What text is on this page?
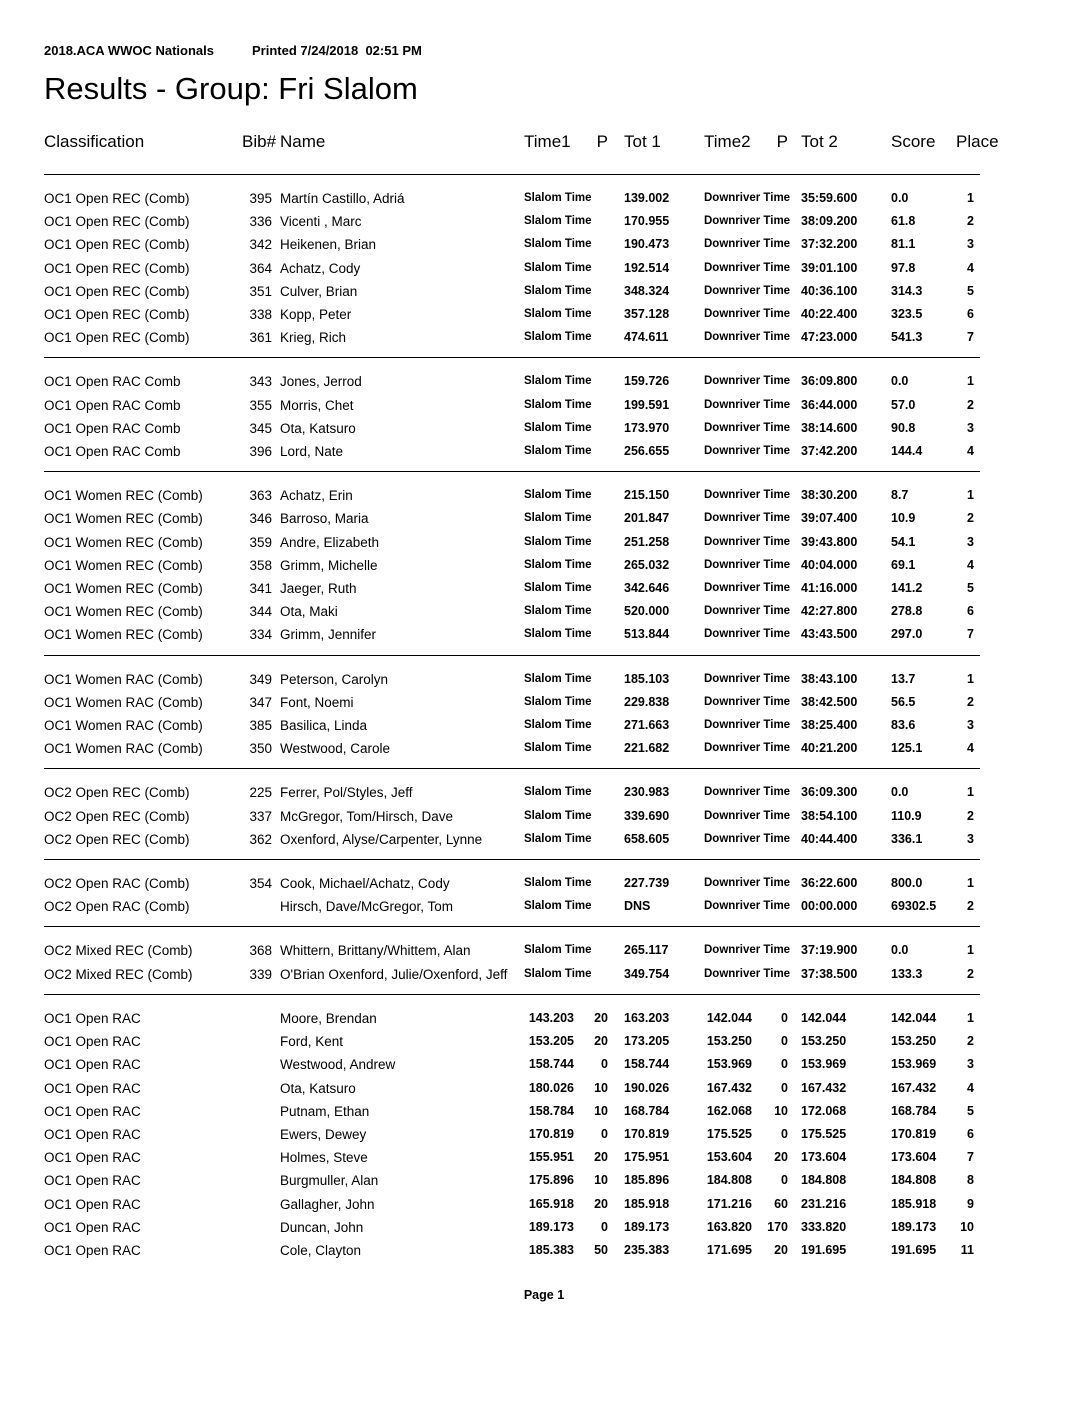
2018.ACA WWOC Nationals	Printed 7/24/2018  02:51 PM
Results - Group: Fri Slalom
Classification	Bib# Name	Time1	P Tot 1	Time2	P Tot 2	Score	Place
OC1 Open REC (Comb)	395 Martín Castillo, Adriá	Slalom Time	139.002	Downriver Time 35:59.600	0.0	1
OC1 Open REC (Comb)	336 Vicenti , Marc	Slalom Time	170.955	Downriver Time 38:09.200	61.8	2
OC1 Open REC (Comb)	342 Heikenen, Brian	Slalom Time	190.473	Downriver Time 37:32.200	81.1	3
OC1 Open REC (Comb)	364 Achatz, Cody	Slalom Time	192.514	Downriver Time 39:01.100	97.8	4
OC1 Open REC (Comb)	351 Culver, Brian	Slalom Time	348.324	Downriver Time 40:36.100	314.3	5
OC1 Open REC (Comb)	338 Kopp, Peter	Slalom Time	357.128	Downriver Time 40:22.400	323.5	6
OC1 Open REC (Comb)	361 Krieg, Rich	Slalom Time	474.611	Downriver Time 47:23.000	541.3	7
OC1 Open RAC Comb	343 Jones, Jerrod	Slalom Time	159.726	Downriver Time 36:09.800	0.0	1
OC1 Open RAC Comb	355 Morris, Chet	Slalom Time	199.591	Downriver Time 36:44.000	57.0	2
OC1 Open RAC Comb	345 Ota, Katsuro	Slalom Time	173.970	Downriver Time 38:14.600	90.8	3
OC1 Open RAC Comb	396 Lord, Nate	Slalom Time	256.655	Downriver Time 37:42.200	144.4	4
OC1 Women REC (Comb)	363 Achatz, Erin	Slalom Time	215.150	Downriver Time 38:30.200	8.7	1
OC1 Women REC (Comb)	346 Barroso, Maria	Slalom Time	201.847	Downriver Time 39:07.400	10.9	2
OC1 Women REC (Comb)	359 Andre, Elizabeth	Slalom Time	251.258	Downriver Time 39:43.800	54.1	3
OC1 Women REC (Comb)	358 Grimm, Michelle	Slalom Time	265.032	Downriver Time 40:04.000	69.1	4
OC1 Women REC (Comb)	341 Jaeger, Ruth	Slalom Time	342.646	Downriver Time 41:16.000	141.2	5
OC1 Women REC (Comb)	344 Ota, Maki	Slalom Time	520.000	Downriver Time 42:27.800	278.8	6
OC1 Women REC (Comb)	334 Grimm, Jennifer	Slalom Time	513.844	Downriver Time 43:43.500	297.0	7
OC1 Women RAC (Comb)	349 Peterson, Carolyn	Slalom Time	185.103	Downriver Time 38:43.100	13.7	1
OC1 Women RAC (Comb)	347 Font, Noemi	Slalom Time	229.838	Downriver Time 38:42.500	56.5	2
OC1 Women RAC (Comb)	385 Basilica, Linda	Slalom Time	271.663	Downriver Time 38:25.400	83.6	3
OC1 Women RAC (Comb)	350 Westwood, Carole	Slalom Time	221.682	Downriver Time 40:21.200	125.1	4
OC2 Open REC (Comb)	225 Ferrer, Pol/Styles, Jeff	Slalom Time	230.983	Downriver Time 36:09.300	0.0	1
OC2 Open REC (Comb)	337 McGregor, Tom/Hirsch, Dave	Slalom Time	339.690	Downriver Time 38:54.100	110.9	2
OC2 Open REC (Comb)	362 Oxenford, Alyse/Carpenter, Lynne	Slalom Time	658.605	Downriver Time 40:44.400	336.1	3
OC2 Open RAC (Comb)	354 Cook, Michael/Achatz, Cody	Slalom Time	227.739	Downriver Time 36:22.600	800.0	1
OC2 Open RAC (Comb)	Hirsch, Dave/McGregor, Tom	Slalom Time	DNS	Downriver Time 00:00.000	69302.5	2
OC2 Mixed REC (Comb)	368 Whittern, Brittany/Whittem, Alan	Slalom Time	265.117	Downriver Time 37:19.900	0.0	1
OC2 Mixed REC (Comb)	339 O'Brian Oxenford, Julie/Oxenford, Jeff	Slalom Time	349.754	Downriver Time 37:38.500	133.3	2
OC1 Open RAC	Moore, Brendan	143.203	20	163.203	142.044	0	142.044	142.044	1
OC1 Open RAC	Ford, Kent	153.205	20	173.205	153.250	0	153.250	153.250	2
OC1 Open RAC	Westwood, Andrew	158.744	0	158.744	153.969	0	153.969	153.969	3
OC1 Open RAC	Ota, Katsuro	180.026	10	190.026	167.432	0	167.432	167.432	4
OC1 Open RAC	Putnam, Ethan	158.784	10	168.784	162.068	10	172.068	168.784	5
OC1 Open RAC	Ewers, Dewey	170.819	0	170.819	175.525	0	175.525	170.819	6
OC1 Open RAC	Holmes, Steve	155.951	20	175.951	153.604	20	173.604	173.604	7
OC1 Open RAC	Burgmuller, Alan	175.896	10	185.896	184.808	0	184.808	184.808	8
OC1 Open RAC	Gallagher, John	165.918	20	185.918	171.216	60	231.216	185.918	9
OC1 Open RAC	Duncan, John	189.173	0	189.173	163.820	170	333.820	189.173	10
OC1 Open RAC	Cole, Clayton	185.383	50	235.383	171.695	20	191.695	191.695	11
Page 1
